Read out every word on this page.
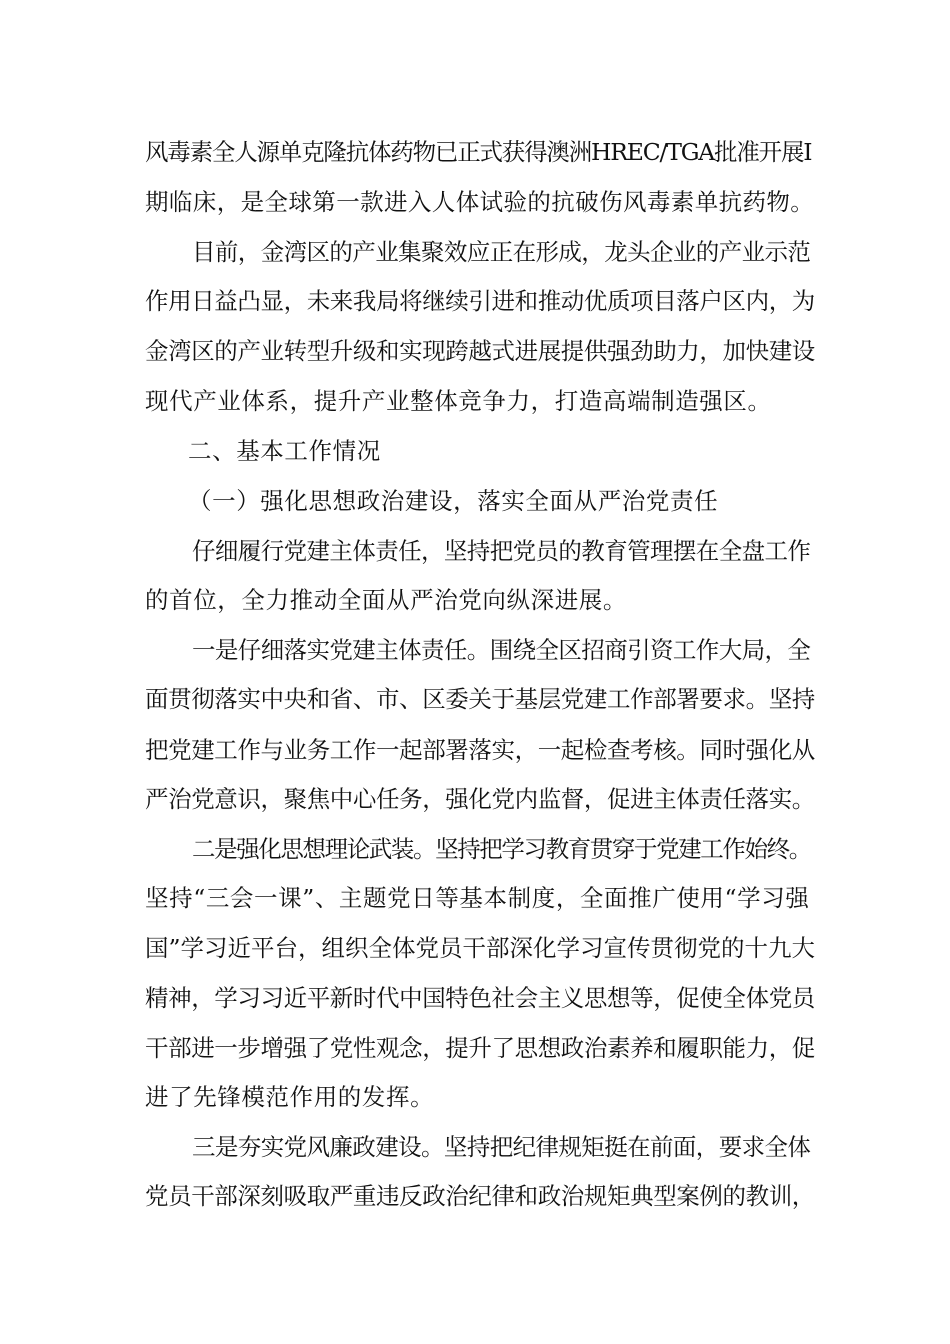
风毒素全人源单克隆抗体药物已正式获得澳洲HREC/TGA批准开展I
期临床，是全球第一款进入人体试验的抗破伤风毒素单抗药物。
目前，金湾区的产业集聚效应正在形成，龙头企业的产业示范
作用日益凸显，未来我局将继续引进和推动优质项目落户区内，为
金湾区的产业转型升级和实现跨越式进展提供强劲助力，加快建设
现代产业体系，提升产业整体竞争力，打造高端制造强区。
二、基本工作情况
（一）强化思想政治建设，落实全面从严治党责任
仔细履行党建主体责任，坚持把党员的教育管理摆在全盘工作
的首位，全力推动全面从严治党向纵深进展。
一是仔细落实党建主体责任。围绕全区招商引资工作大局，全
面贯彻落实中央和省、市、区委关于基层党建工作部署要求。坚持
把党建工作与业务工作一起部署落实，一起检查考核。同时强化从
严治党意识，聚焦中心任务，强化党内监督，促进主体责任落实。
二是强化思想理论武装。坚持把学习教育贯穿于党建工作始终。
坚持“三会一课”、主题党日等基本制度，全面推广使用“学习强
国”学习近平台，组织全体党员干部深化学习宣传贯彻党的十九大
精神，学习习近平新时代中国特色社会主义思想等，促使全体党员
干部进一步增强了党性观念，提升了思想政治素养和履职能力，促
进了先锋模范作用的发挥。
三是夯实党风廉政建设。坚持把纪律规矩挺在前面，要求全体
党员干部深刻吸取严重违反政治纪律和政治规矩典型案例的教训，
